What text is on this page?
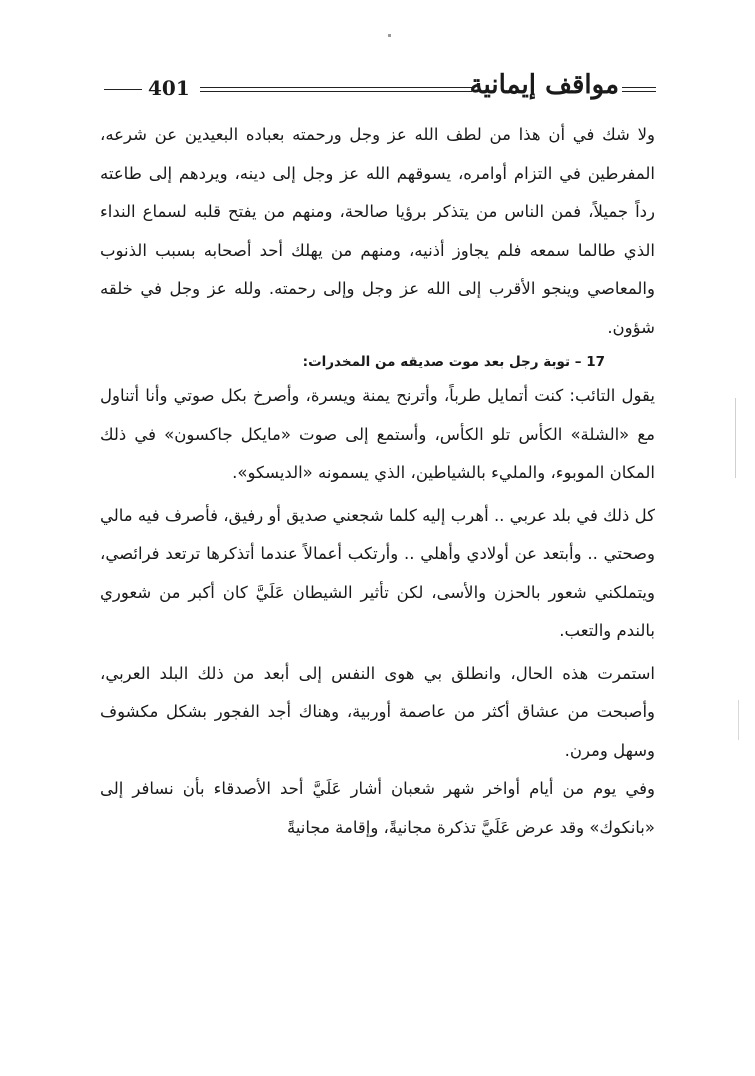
401	مواقف إيمانية

ولا شك في أن هذا من لطف الله عز وجل ورحمته بعباده البعيدين عن شرعه، المفرطين في التزام أوامره، يسوقهم الله عز وجل إلى دينه، ويردهم إلى طاعته رداً جميلاً، فمن الناس من يتذكر برؤيا صالحة، ومنهم من يفتح قلبه لسماع النداء الذي طالما سمعه فلم يجاوز أذنيه، ومنهم من يهلك أحد أصحابه بسبب الذنوب والمعاصي وينجو الأقرب إلى الله عز وجل وإلى رحمته. ولله عز وجل في خلقه شؤون.

17 – توبة رجل بعد موت صديقه من المخدرات:

يقول التائب: كنت أتمايل طرباً، وأترنح يمنة ويسرة، وأصرخ بكل صوتي وأنا أتناول مع «الشلة» الكأس تلو الكأس، وأستمع إلى صوت «مايكل جاكسون» في ذلك المكان الموبوء، والمليء بالشياطين، الذي يسمونه «الديسكو».

كل ذلك في بلد عربي .. أهرب إليه كلما شجعني صديق أو رفيق، فأصرف فيه مالي وصحتي .. وأبتعد عن أولادي وأهلي .. وأرتكب أعمالاً عندما أتذكرها ترتعد فرائصي، ويتملكني شعور بالحزن والأسى، لكن تأثير الشيطان عَلَيَّ كان أكبر من شعوري بالندم والتعب.

استمرت هذه الحال، وانطلق بي هوى النفس إلى أبعد من ذلك البلد العربي، وأصبحت من عشاق أكثر من عاصمة أوربية، وهناك أجد الفجور بشكل مكشوف وسهل ومرن.

وفي يوم من أيام أواخر شهر شعبان أشار عَلَيَّ أحد الأصدقاء بأن نسافر إلى «بانكوك» وقد عرض عَلَيَّ تذكرة مجانيةً، وإقامة مجانيةً
